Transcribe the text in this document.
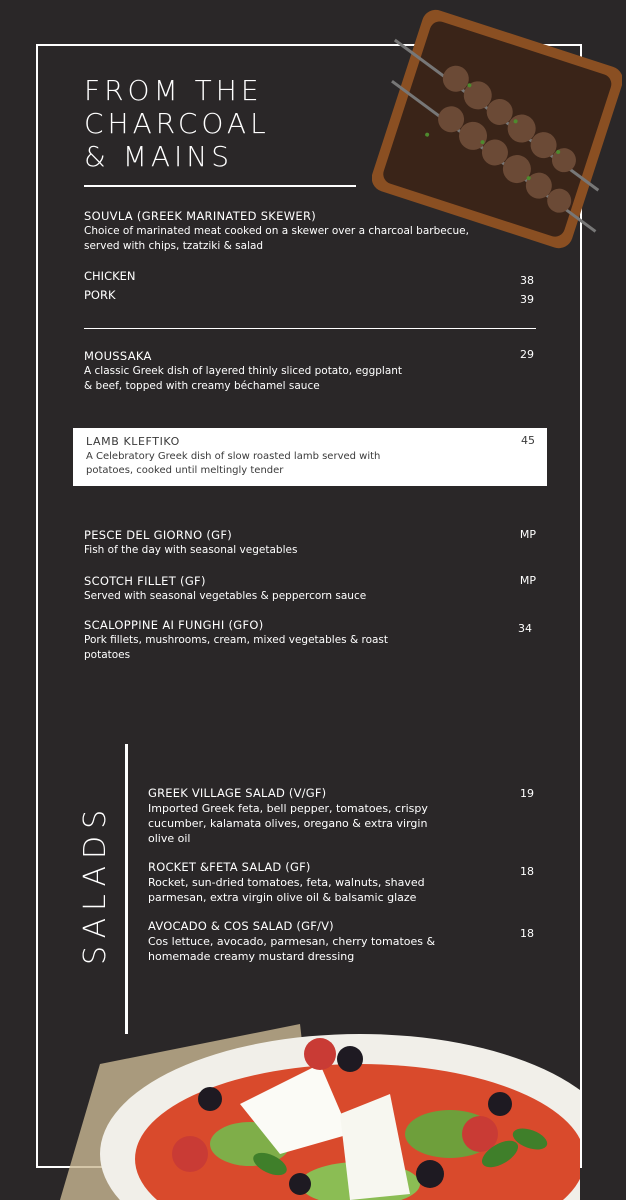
FROM THE
CHARCOAL
& MAINS
SOUVLA (GREEK MARINATED SKEWER)
Choice of marinated meat cooked on a skewer over a charcoal barbecue, served with chips, tzatziki & salad
CHICKEN	38
PORK	39
MOUSSAKA
A classic Greek dish of layered thinly sliced potato, eggplant & beef, topped with creamy béchamel sauce
29
LAMB KLEFTIKO
A Celebratory Greek dish of slow roasted lamb served with potatoes, cooked until meltingly tender
45
PESCE DEL GIORNO (GF)
Fish of the day with seasonal vegetables
MP
SCOTCH FILLET (GF)
Served with seasonal vegetables & peppercorn sauce
MP
SCALOPPINE AI FUNGHI (GFO)
Pork fillets, mushrooms, cream, mixed vegetables & roast potatoes
34
SALADS
GREEK VILLAGE SALAD (V/GF)
Imported Greek feta, bell pepper, tomatoes, crispy cucumber, kalamata olives, oregano & extra virgin olive oil
19
ROCKET &FETA SALAD (GF)
Rocket, sun-dried tomatoes, feta, walnuts, shaved parmesan, extra virgin olive oil & balsamic glaze
18
AVOCADO & COS SALAD (GF/V)
Cos lettuce, avocado, parmesan, cherry tomatoes & homemade creamy mustard dressing
18
